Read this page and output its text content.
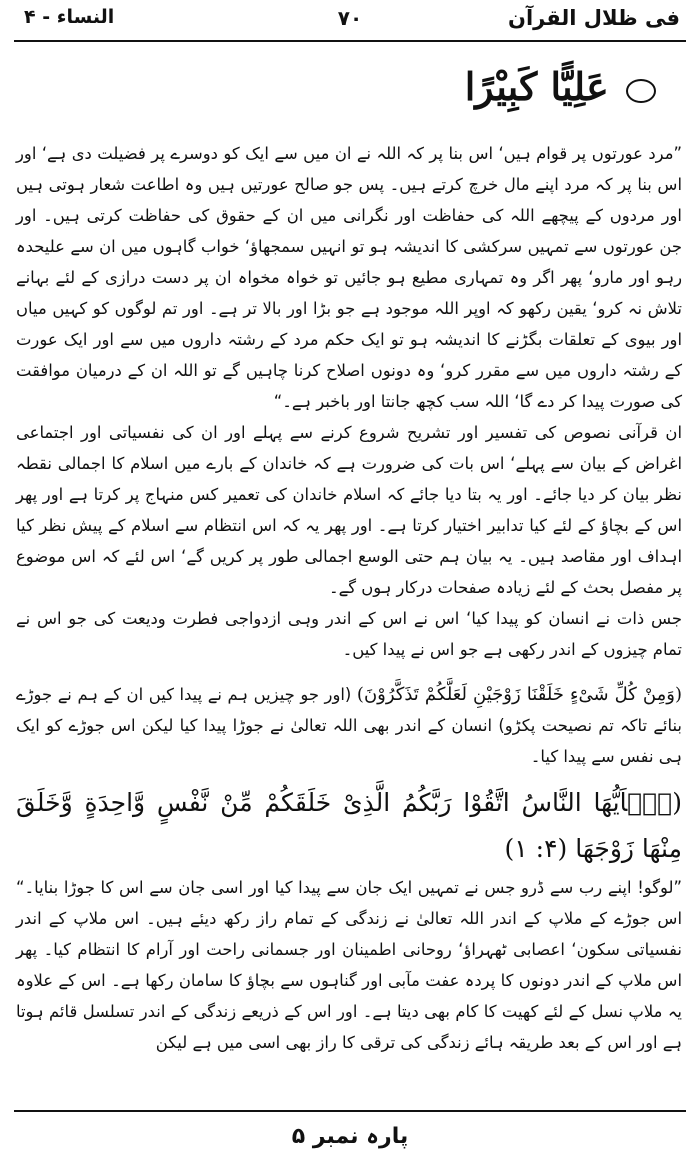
فی ظلال القرآن
۷۰
النساء - ۴
عَلِیًّا کَبِیْرًا

”مرد عورتوں پر قوام ہیں‘ اس بنا پر کہ اللہ نے ان میں سے ایک کو دوسرے پر فضیلت دی ہے‘ اور اس بنا پر کہ مرد اپنے مال خرچ کرتے ہیں۔ پس جو صالح عورتیں ہیں وہ اطاعت شعار ہوتی ہیں اور مردوں کے پیچھے اللہ کی حفاظت اور نگرانی میں ان کے حقوق کی حفاظت کرتی ہیں۔ اور جن عورتوں سے تمہیں سرکشی کا اندیشہ ہو تو انہیں سمجھاؤ‘ خواب گاہوں میں ان سے علیحدہ رہو اور مارو‘ پھر اگر وہ تمہاری مطیع ہو جائیں تو خواہ مخواہ ان پر دست درازی کے لئے بہانے تلاش نہ کرو‘ یقین رکھو کہ اوپر اللہ موجود ہے جو بڑا اور بالا تر ہے۔ اور تم لوگوں کو کہیں میاں اور بیوی کے تعلقات بگڑنے کا اندیشہ ہو تو ایک حکم مرد کے رشتہ داروں میں سے اور ایک عورت کے رشتہ داروں میں سے مقرر کرو‘ وہ دونوں اصلاح کرنا چاہیں گے تو اللہ ان کے درمیان موافقت کی صورت پیدا کر دے گا‘ اللہ سب کچھ جانتا اور باخبر ہے۔“

ان قرآنی نصوص کی تفسیر اور تشریح شروع کرنے سے پہلے اور ان کی نفسیاتی اور اجتماعی اغراض کے بیان سے پہلے‘ اس بات کی ضرورت ہے کہ خاندان کے بارے میں اسلام کا اجمالی نقطہ نظر بیان کر دیا جائے۔ اور یہ بتا دیا جائے کہ اسلام خاندان کی تعمیر کس منہاج پر کرتا ہے اور پھر اس کے بچاؤ کے لئے کیا تدابیر اختیار کرتا ہے۔ اور پھر یہ کہ اس انتظام سے اسلام کے پیش نظر کیا اہداف اور مقاصد ہیں۔ یہ بیان ہم حتی الوسع اجمالی طور پر کریں گے‘ اس لئے کہ اس موضوع پر مفصل بحث کے لئے زیادہ صفحات درکار ہوں گے۔

جس ذات نے انسان کو پیدا کیا‘ اس نے اس کے اندر وہی ازدواجی فطرت ودیعت کی جو اس نے تمام چیزوں کے اندر رکھی ہے جو اس نے پیدا کیں۔

(وَمِنْ کُلِّ شَیْءٍ خَلَقْنَا زَوْجَیْنِ لَعَلَّکُمْ تَذَکَّرُوْنَ) (اور جو چیزیں ہم نے پیدا کیں ان کے ہم نے جوڑے بنائے تاکہ تم نصیحت پکڑو) انسان کے اندر بھی اللہ تعالیٰ نے جوڑا پیدا کیا لیکن اس جوڑے کو ایک ہی نفس سے پیدا کیا۔

(یٰۤاَیُّهَا النَّاسُ اتَّقُوْا رَبَّکُمُ الَّذِیْ خَلَقَکُمْ مِّنْ نَّفْسٍ وَّاحِدَةٍ وَّخَلَقَ مِنْهَا زَوْجَهَا (۴: ۱)

”لوگو! اپنے رب سے ڈرو جس نے تمہیں ایک جان سے پیدا کیا اور اسی جان سے اس کا جوڑا بنایا۔“ اس جوڑے کے ملاپ کے اندر اللہ تعالیٰ نے زندگی کے تمام راز رکھ دیئے ہیں۔ اس ملاپ کے اندر نفسیاتی سکون‘ اعصابی ٹھہراؤ‘ روحانی اطمینان اور جسمانی راحت اور آرام کا انتظام کیا۔ پھر اس ملاپ کے اندر دونوں کا پردہ عفت مآبی اور گناہوں سے بچاؤ کا سامان رکھا ہے۔ اس کے علاوہ یہ ملاپ نسل کے لئے کھیت کا کام بھی دیتا ہے۔ اور اس کے ذریعے زندگی کے اندر تسلسل قائم ہوتا ہے اور اس کے بعد طریقہ ہائے زندگی کی ترقی کا راز بھی اسی میں ہے لیکن

پارہ نمبر ۵
